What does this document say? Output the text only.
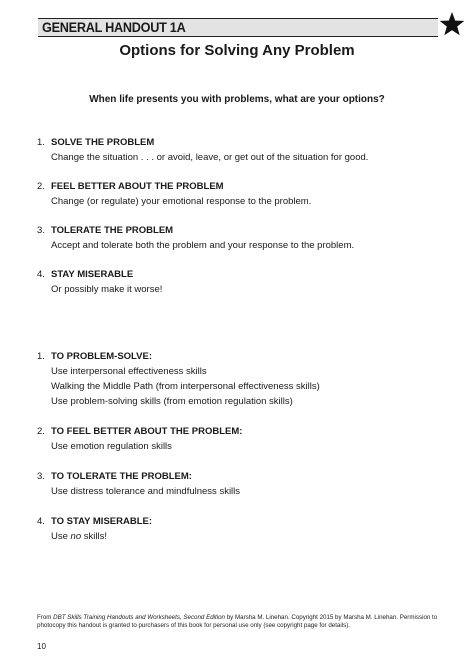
GENERAL HANDOUT 1A
Options for Solving Any Problem
When life presents you with problems, what are your options?
1. SOLVE THE PROBLEM
Change the situation . . . or avoid, leave, or get out of the situation for good.
2. FEEL BETTER ABOUT THE PROBLEM
Change (or regulate) your emotional response to the problem.
3. TOLERATE THE PROBLEM
Accept and tolerate both the problem and your response to the problem.
4. STAY MISERABLE
Or possibly make it worse!
1. TO PROBLEM-SOLVE:
Use interpersonal effectiveness skills
Walking the Middle Path (from interpersonal effectiveness skills)
Use problem-solving skills (from emotion regulation skills)
2. TO FEEL BETTER ABOUT THE PROBLEM:
Use emotion regulation skills
3. TO TOLERATE THE PROBLEM:
Use distress tolerance and mindfulness skills
4. TO STAY MISERABLE:
Use no skills!
From DBT Skills Training Handouts and Worksheets, Second Edition by Marsha M. Linehan. Copyright 2015 by Marsha M. Linehan. Permission to photocopy this handout is granted to purchasers of this book for personal use only (see copyright page for details).
10
